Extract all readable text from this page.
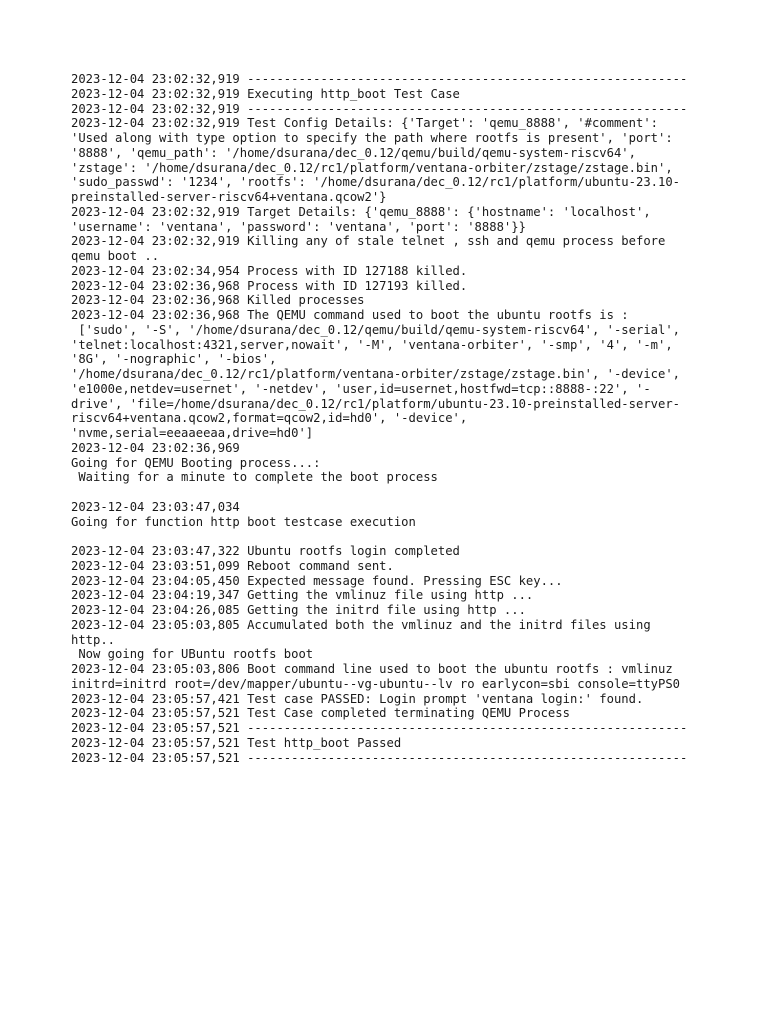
2023-12-04 23:02:32,919 ------------------------------------------------------------
2023-12-04 23:02:32,919 Executing http_boot Test Case
2023-12-04 23:02:32,919 ------------------------------------------------------------
2023-12-04 23:02:32,919 Test Config Details: {'Target': 'qemu_8888', '#comment':
'Used along with type option to specify the path where rootfs is present', 'port':
'8888', 'qemu_path': '/home/dsurana/dec_0.12/qemu/build/qemu-system-riscv64',
'zstage': '/home/dsurana/dec_0.12/rc1/platform/ventana-orbiter/zstage/zstage.bin',
'sudo_passwd': '1234', 'rootfs': '/home/dsurana/dec_0.12/rc1/platform/ubuntu-23.10-
preinstalled-server-riscv64+ventana.qcow2'}
2023-12-04 23:02:32,919 Target Details: {'qemu_8888': {'hostname': 'localhost',
'username': 'ventana', 'password': 'ventana', 'port': '8888'}}
2023-12-04 23:02:32,919 Killing any of stale telnet , ssh and qemu process before
qemu boot ..
2023-12-04 23:02:34,954 Process with ID 127188 killed.
2023-12-04 23:02:36,968 Process with ID 127193 killed.
2023-12-04 23:02:36,968 Killed processes
2023-12-04 23:02:36,968 The QEMU command used to boot the ubuntu rootfs is :
['sudo', '-S', '/home/dsurana/dec_0.12/qemu/build/qemu-system-riscv64', '-serial',
'telnet:localhost:4321,server,nowait', '-M', 'ventana-orbiter', '-smp', '4', '-m',
'8G', '-nographic', '-bios',
'/home/dsurana/dec_0.12/rc1/platform/ventana-orbiter/zstage/zstage.bin', '-device',
'e1000e,netdev=usernet', '-netdev', 'user,id=usernet,hostfwd=tcp::8888-:22', '-
drive', 'file=/home/dsurana/dec_0.12/rc1/platform/ubuntu-23.10-preinstalled-server-
riscv64+ventana.qcow2,format=qcow2,id=hd0', '-device',
'nvme,serial=eeaaeeaa,drive=hd0']
2023-12-04 23:02:36,969
Going for QEMU Booting process...:
Waiting for a minute to complete the boot process
2023-12-04 23:03:47,034
Going for function http boot testcase execution
2023-12-04 23:03:47,322 Ubuntu rootfs login completed
2023-12-04 23:03:51,099 Reboot command sent.
2023-12-04 23:04:05,450 Expected message found. Pressing ESC key...
2023-12-04 23:04:19,347 Getting the vmlinuz file using http ...
2023-12-04 23:04:26,085 Getting the initrd file using http ...
2023-12-04 23:05:03,805 Accumulated both the vmlinuz and the initrd files using
http..
Now going for UBuntu rootfs boot
2023-12-04 23:05:03,806 Boot command line used to boot the ubuntu rootfs : vmlinuz
initrd=initrd root=/dev/mapper/ubuntu--vg-ubuntu--lv ro earlycon=sbi console=ttyPS0
2023-12-04 23:05:57,421 Test case PASSED: Login prompt 'ventana login:' found.
2023-12-04 23:05:57,521 Test Case completed terminating QEMU Process
2023-12-04 23:05:57,521 ------------------------------------------------------------
2023-12-04 23:05:57,521 Test http_boot Passed
2023-12-04 23:05:57,521 ------------------------------------------------------------
